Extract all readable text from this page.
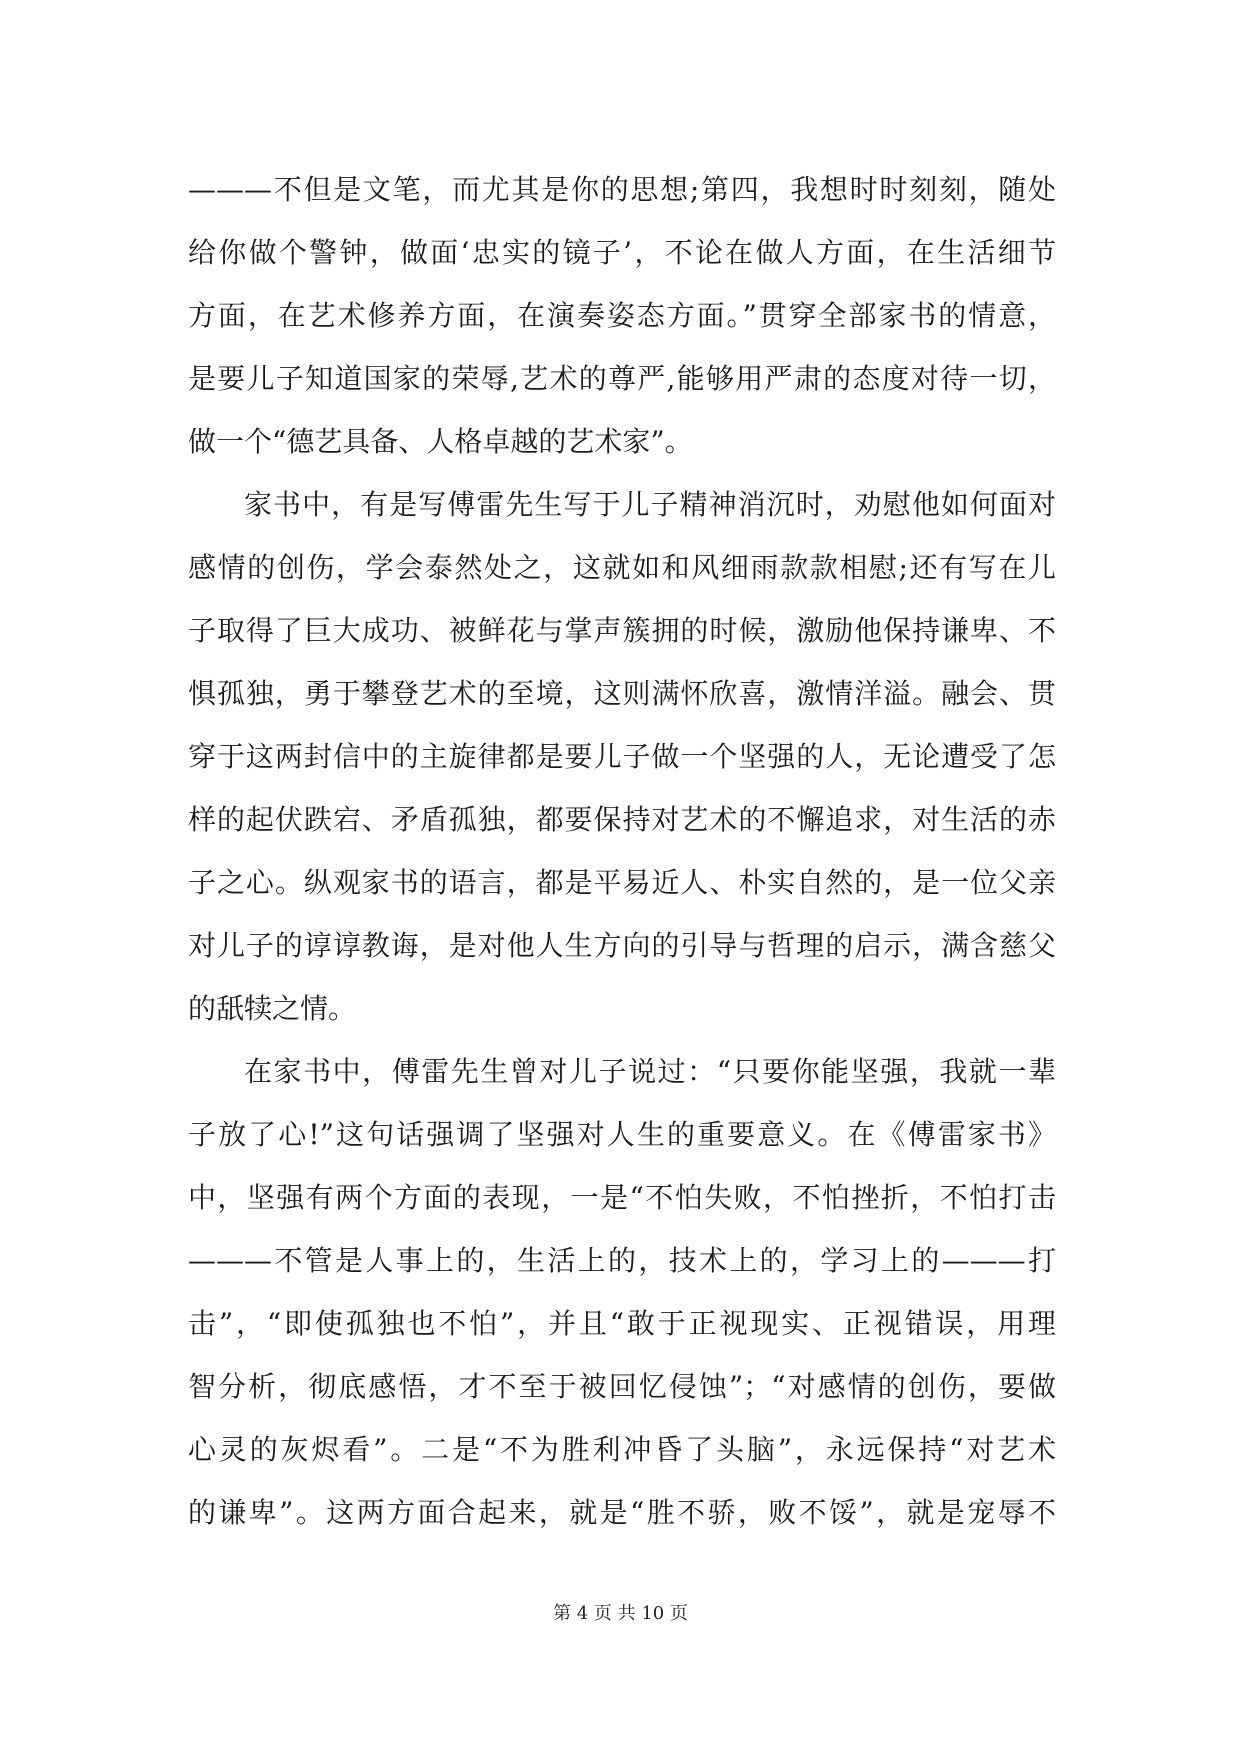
———不但是文笔，而尤其是你的思想;第四，我想时时刻刻，随处
给你做个警钟，做面‘忠实的镜子’，不论在做人方面，在生活细节
方面，在艺术修养方面，在演奏姿态方面。”贯穿全部家书的情意，
是要儿子知道国家的荣辱,艺术的尊严,能够用严肃的态度对待一切，
做一个“德艺具备、人格卓越的艺术家”。
家书中，有是写傅雷先生写于儿子精神消沉时，劝慰他如何面对
感情的创伤，学会泰然处之，这就如和风细雨款款相慰;还有写在儿
子取得了巨大成功、被鲜花与掌声簇拥的时候，激励他保持谦卑、不
惧孤独，勇于攀登艺术的至境，这则满怀欣喜，激情洋溢。融会、贯
穿于这两封信中的主旋律都是要儿子做一个坚强的人，无论遭受了怎
样的起伏跌宕、矛盾孤独，都要保持对艺术的不懈追求，对生活的赤
子之心。纵观家书的语言，都是平易近人、朴实自然的，是一位父亲
对儿子的谆谆教诲，是对他人生方向的引导与哲理的启示，满含慈父
的舐犊之情。
在家书中，傅雷先生曾对儿子说过：“只要你能坚强，我就一辈
子放了心!”这句话强调了坚强对人生的重要意义。在《傅雷家书》
中，坚强有两个方面的表现，一是“不怕失败，不怕挫折，不怕打击
———不管是人事上的，生活上的，技术上的，学习上的———打
击”，“即使孤独也不怕”，并且“敢于正视现实、正视错误，用理
智分析，彻底感悟，才不至于被回忆侵蚀”；“对感情的创伤，要做
心灵的灰烬看”。二是“不为胜利冲昏了头脑”，永远保持“对艺术
的谦卑”。这两方面合起来，就是“胜不骄，败不馁”，就是宠辱不
第 4 页 共 10 页
